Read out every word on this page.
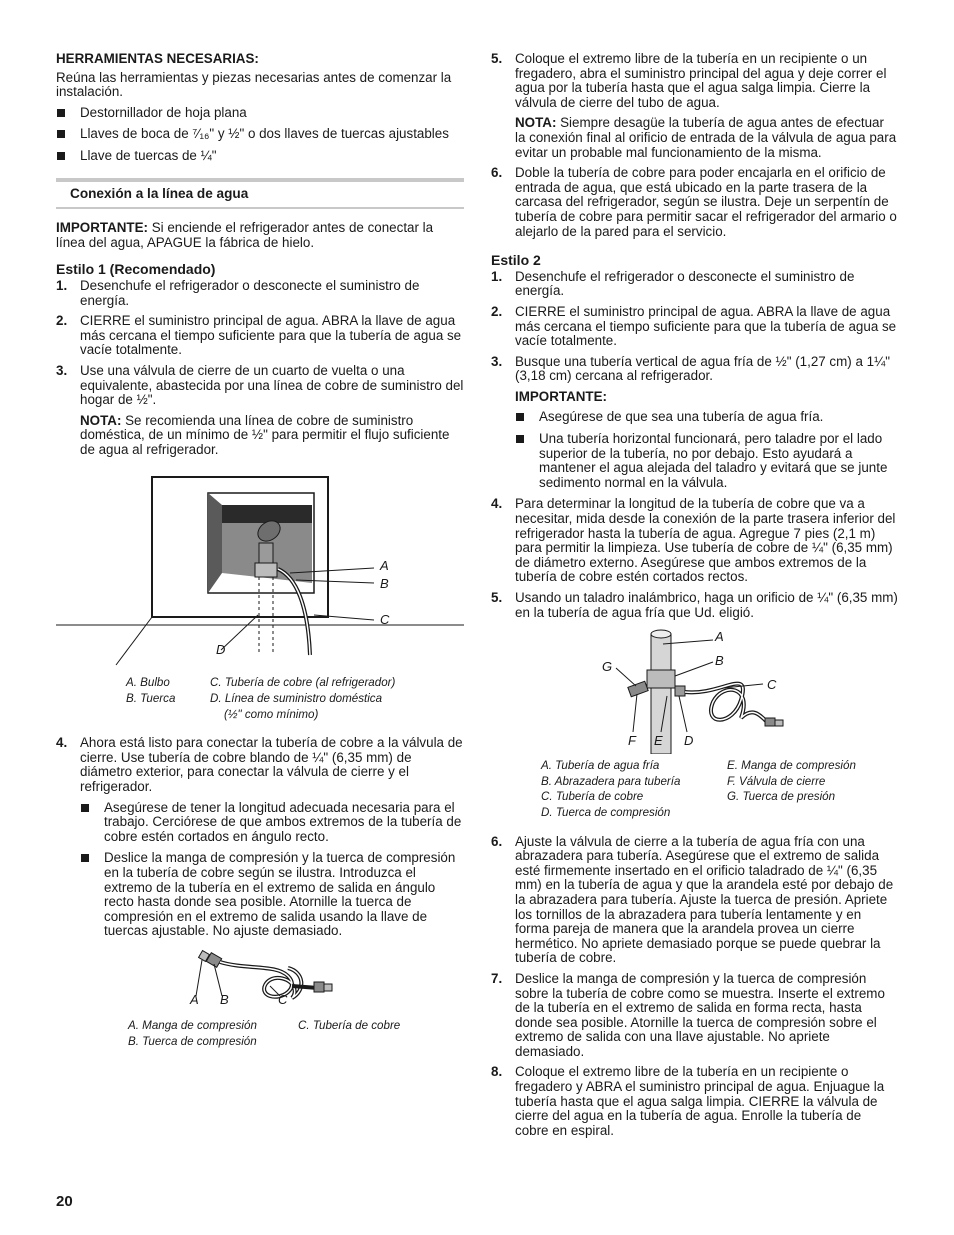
HERRAMIENTAS NECESARIAS:

Reúna las herramientas y piezas necesarias antes de comenzar la instalación.

Destornillador de hoja plana
Llaves de boca de ⁷⁄₁₆" y ½" o dos llaves de tuercas ajustables
Llave de tuercas de ¼"
Conexión a la línea de agua

IMPORTANTE: Si enciende el refrigerador antes de conectar la línea del agua, APAGUE la fábrica de hielo.

Estilo 1 (Recomendado)
1. Desenchufe el refrigerador o desconecte el suministro de energía.
2. CIERRE el suministro principal de agua. ABRA la llave de agua más cercana el tiempo suficiente para que la tubería de agua se vacíe totalmente.
3. Use una válvula de cierre de un cuarto de vuelta o una equivalente, abastecida por una línea de cobre de suministro del hogar de ½".

NOTA: Se recomienda una línea de cobre de suministro doméstica, de un mínimo de ½" para permitir el flujo suficiente de agua al refrigerador.

A
B
C
D
A. Bulbo	C. Tubería de cobre (al refrigerador)
B. Tuerca	D. Línea de suministro doméstica
(½" como mínimo)
4. Ahora está listo para conectar la tubería de cobre a la válvula de cierre. Use tubería de cobre blando de ¼" (6,35 mm) de diámetro exterior, para conectar la válvula de cierre y el refrigerador.
Asegúrese de tener la longitud adecuada necesaria para el trabajo. Cerciórese de que ambos extremos de la tubería de cobre estén cortados en ángulo recto.
Deslice la manga de compresión y la tuerca de compresión en la tubería de cobre según se ilustra. Introduzca el extremo de la tubería en el extremo de salida en ángulo recto hasta donde sea posible. Atornille la tuerca de compresión en el extremo de salida usando la llave de tuercas ajustable. No ajuste demasiado.
A B	C
A. Manga de compresión	C. Tubería de cobre
B. Tuerca de compresión
5. Coloque el extremo libre de la tubería en un recipiente o un fregadero, abra el suministro principal del agua y deje correr el agua por la tubería hasta que el agua salga limpia. Cierre la válvula de cierre del tubo de agua.

NOTA: Siempre desagüe la tubería de agua antes de efectuar la conexión final al orificio de entrada de la válvula de agua para evitar un probable mal funcionamiento de la misma.

6. Doble la tubería de cobre para poder encajarla en el orificio de entrada de agua, que está ubicado en la parte trasera de la carcasa del refrigerador, según se ilustra. Deje un serpentín de tubería de cobre para permitir sacar el refrigerador del armario o alejarlo de la pared para el servicio.
Estilo 2
1. Desenchufe el refrigerador o desconecte el suministro de energía.
2. CIERRE el suministro principal de agua. ABRA la llave de agua más cercana el tiempo suficiente para que la tubería de agua se vacíe totalmente.
3. Busque una tubería vertical de agua fría de ½" (1,27 cm) a 1¼" (3,18 cm) cercana al refrigerador.

IMPORTANTE:

Asegúrese de que sea una tubería de agua fría.
Una tubería horizontal funcionará, pero taladre por el lado superior de la tubería, no por debajo. Esto ayudará a mantener el agua alejada del taladro y evitará que se junte sedimento normal en la válvula.
4. Para determinar la longitud de la tubería de cobre que va a necesitar, mida desde la conexión de la parte trasera inferior del refrigerador hasta la tubería de agua. Agregue 7 pies (2,1 m) para permitir la limpieza. Use tubería de cobre de ¼" (6,35 mm) de diámetro externo. Asegúrese que ambos extremos de la tubería de cobre estén cortados rectos.
5. Usando un taladro inalámbrico, haga un orificio de ¼" (6,35 mm) en la tubería de agua fría que Ud. eligió.
A
B
C
G
F E D
A. Tubería de agua fría	E. Manga de compresión
B. Abrazadera para tubería	F. Válvula de cierre
C. Tubería de cobre	G. Tuerca de presión
D. Tuerca de compresión
6. Ajuste la válvula de cierre a la tubería de agua fría con una abrazadera para tubería. Asegúrese que el extremo de salida esté firmemente insertado en el orificio taladrado de ¼" (6,35 mm) en la tubería de agua y que la arandela esté por debajo de la abrazadera para tubería. Ajuste la tuerca de presión. Apriete los tornillos de la abrazadera para tubería lentamente y en forma pareja de manera que la arandela provea un cierre hermético. No apriete demasiado porque se puede quebrar la tubería de cobre.
7. Deslice la manga de compresión y la tuerca de compresión sobre la tubería de cobre como se muestra. Inserte el extremo de la tubería en el extremo de salida en forma recta, hasta donde sea posible. Atornille la tuerca de compresión sobre el extremo de salida con una llave ajustable. No apriete demasiado.
8. Coloque el extremo libre de la tubería en un recipiente o fregadero y ABRA el suministro principal de agua. Enjuague la tubería hasta que el agua salga limpia. CIERRE la válvula de cierre del agua en la tubería de agua. Enrolle la tubería de cobre en espiral.
20
